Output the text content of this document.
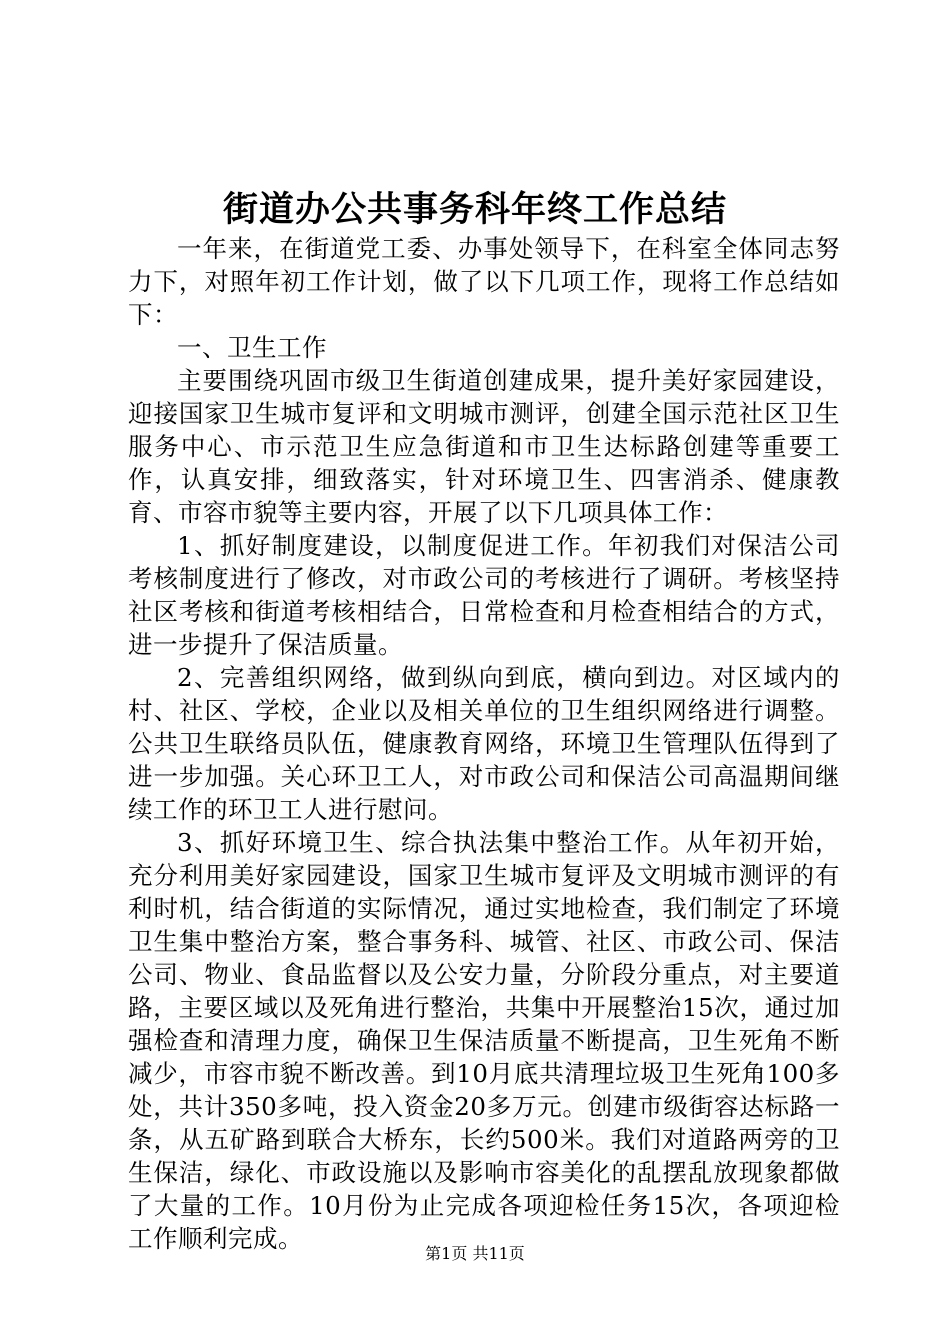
街道办公共事务科年终工作总结

一年来，在街道党工委、办事处领导下，在科室全体同志努力下，对照年初工作计划，做了以下几项工作，现将工作总结如下：

一、卫生工作

主要围绕巩固市级卫生街道创建成果，提升美好家园建设，迎接国家卫生城市复评和文明城市测评，创建全国示范社区卫生服务中心、市示范卫生应急街道和市卫生达标路创建等重要工作，认真安排，细致落实，针对环境卫生、四害消杀、健康教育、市容市貌等主要内容，开展了以下几项具体工作：

1、抓好制度建设，以制度促进工作。年初我们对保洁公司考核制度进行了修改，对市政公司的考核进行了调研。考核坚持社区考核和街道考核相结合，日常检查和月检查相结合的方式，进一步提升了保洁质量。

2、完善组织网络，做到纵向到底，横向到边。对区域内的村、社区、学校，企业以及相关单位的卫生组织网络进行调整。公共卫生联络员队伍，健康教育网络，环境卫生管理队伍得到了进一步加强。关心环卫工人，对市政公司和保洁公司高温期间继续工作的环卫工人进行慰问。

3、抓好环境卫生、综合执法集中整治工作。从年初开始，充分利用美好家园建设，国家卫生城市复评及文明城市测评的有利时机，结合街道的实际情况，通过实地检查，我们制定了环境卫生集中整治方案，整合事务科、城管、社区、市政公司、保洁公司、物业、食品监督以及公安力量，分阶段分重点，对主要道路，主要区域以及死角进行整治，共集中开展整治15次，通过加强检查和清理力度，确保卫生保洁质量不断提高，卫生死角不断减少，市容市貌不断改善。到10月底共清理垃圾卫生死角100多处，共计350多吨，投入资金20多万元。创建市级街容达标路一条，从五矿路到联合大桥东，长约500米。我们对道路两旁的卫生保洁，绿化、市政设施以及影响市容美化的乱摆乱放现象都做了大量的工作。10月份为止完成各项迎检任务15次，各项迎检工作顺利完成。

第1页 共11页
